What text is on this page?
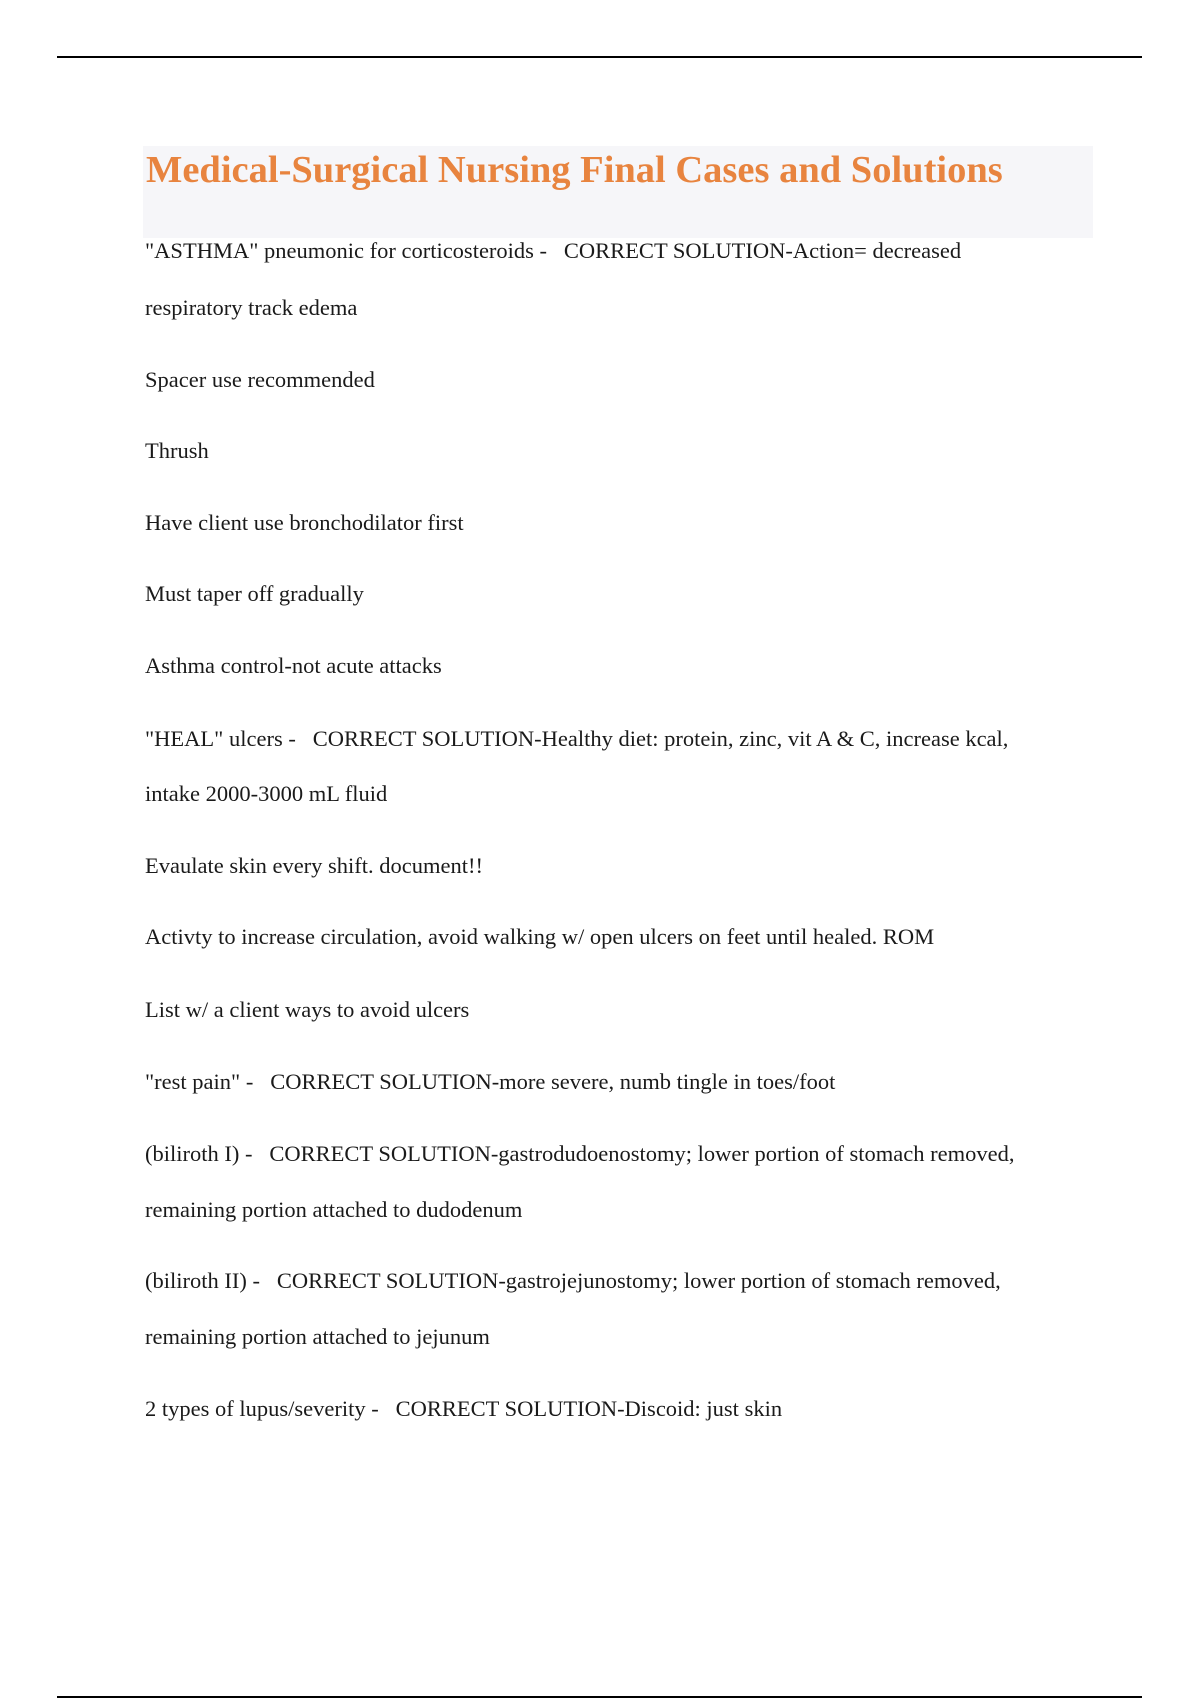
Medical-Surgical Nursing Final Cases and Solutions

"ASTHMA" pneumonic for corticosteroids - CORRECT SOLUTION-Action= decreased

respiratory track edema

Spacer use recommended

Thrush

Have client use bronchodilator first

Must taper off gradually

Asthma control-not acute attacks

"HEAL" ulcers - CORRECT SOLUTION-Healthy diet: protein, zinc, vit A & C, increase kcal,

intake 2000-3000 mL fluid

Evaulate skin every shift. document!!

Activty to increase circulation, avoid walking w/ open ulcers on feet until healed. ROM

List w/ a client ways to avoid ulcers

"rest pain" - CORRECT SOLUTION-more severe, numb tingle in toes/foot

(biliroth I) - CORRECT SOLUTION-gastrodudoenostomy; lower portion of stomach removed,

remaining portion attached to dudodenum

(biliroth II) - CORRECT SOLUTION-gastrojejunostomy; lower portion of stomach removed,

remaining portion attached to jejunum

2 types of lupus/severity - CORRECT SOLUTION-Discoid: just skin
